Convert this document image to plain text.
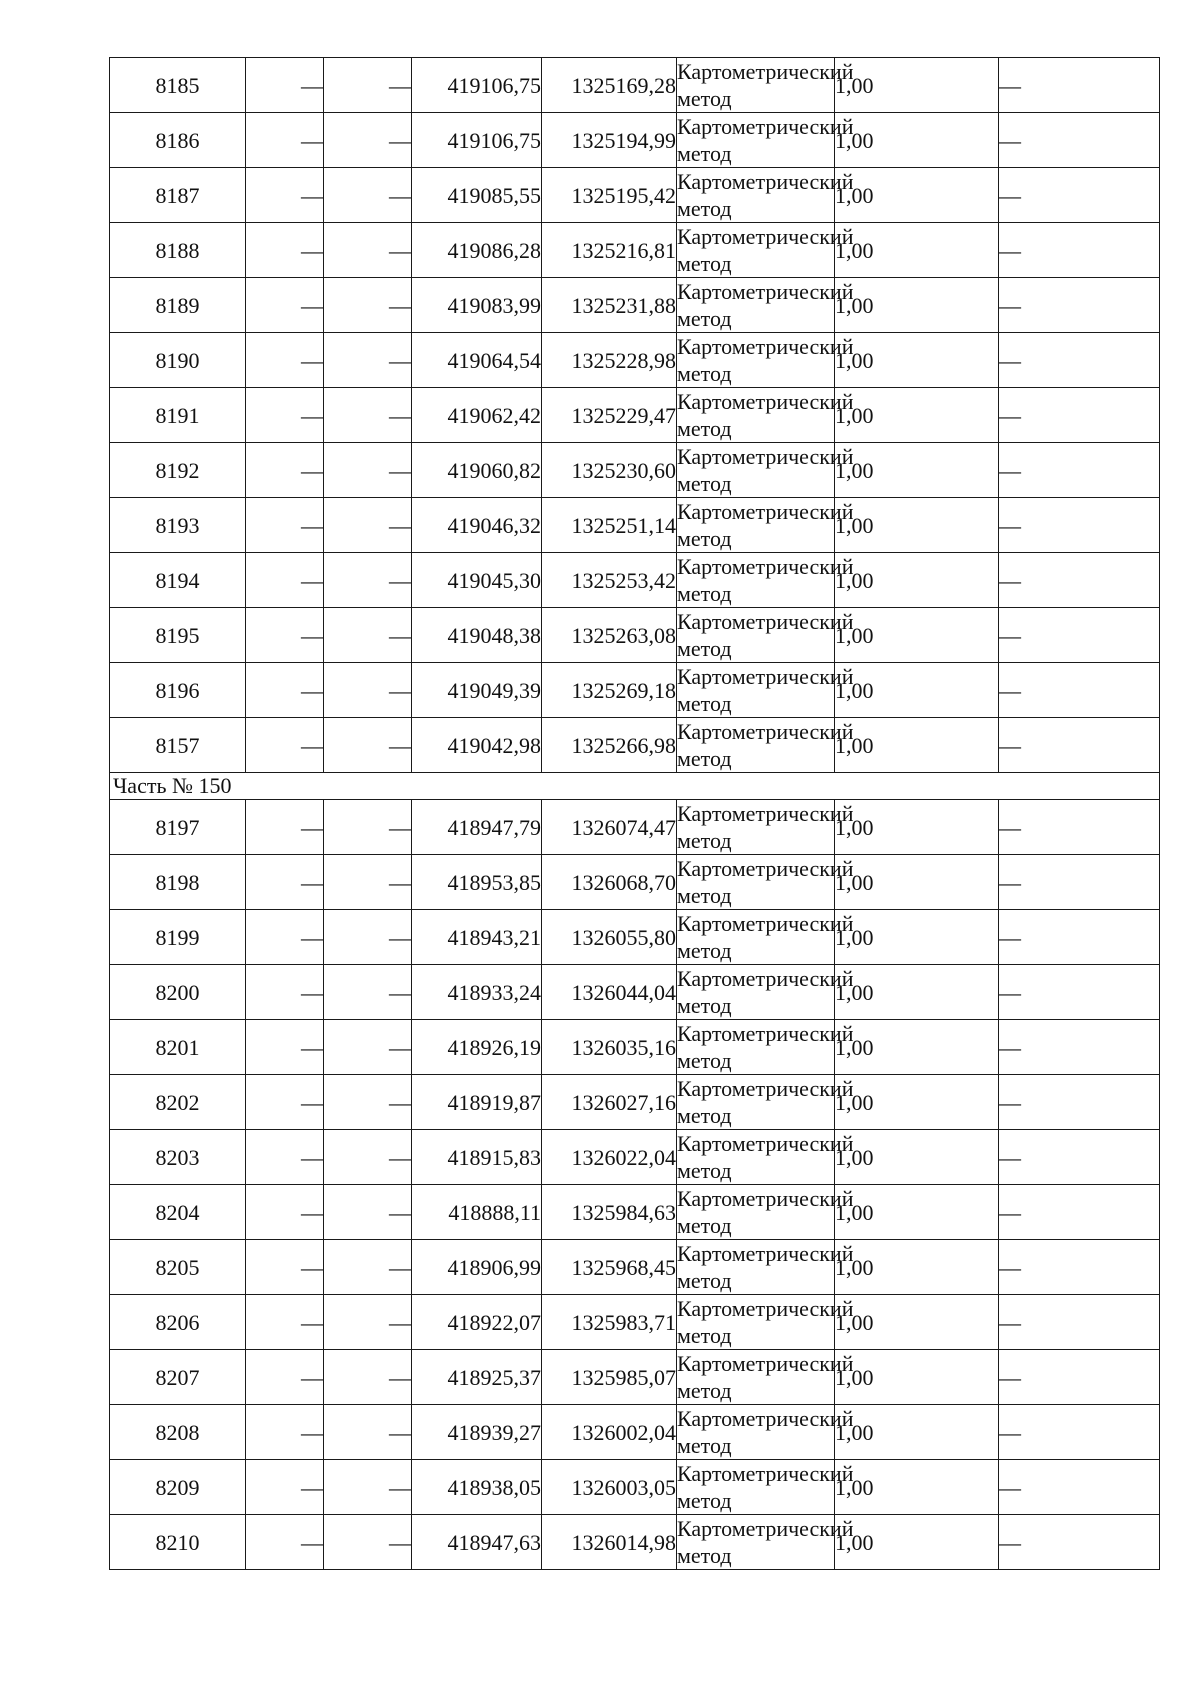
8185	—	—	419106,75	1325169,28	Картометрический метод	1,00	—
8186	—	—	419106,75	1325194,99	Картометрический метод	1,00	—
8187	—	—	419085,55	1325195,42	Картометрический метод	1,00	—
8188	—	—	419086,28	1325216,81	Картометрический метод	1,00	—
8189	—	—	419083,99	1325231,88	Картометрический метод	1,00	—
8190	—	—	419064,54	1325228,98	Картометрический метод	1,00	—
8191	—	—	419062,42	1325229,47	Картометрический метод	1,00	—
8192	—	—	419060,82	1325230,60	Картометрический метод	1,00	—
8193	—	—	419046,32	1325251,14	Картометрический метод	1,00	—
8194	—	—	419045,30	1325253,42	Картометрический метод	1,00	—
8195	—	—	419048,38	1325263,08	Картометрический метод	1,00	—
8196	—	—	419049,39	1325269,18	Картометрический метод	1,00	—
8157	—	—	419042,98	1325266,98	Картометрический метод	1,00	—
Часть № 150							
8197	—	—	418947,79	1326074,47	Картометрический метод	1,00	—
8198	—	—	418953,85	1326068,70	Картометрический метод	1,00	—
8199	—	—	418943,21	1326055,80	Картометрический метод	1,00	—
8200	—	—	418933,24	1326044,04	Картометрический метод	1,00	—
8201	—	—	418926,19	1326035,16	Картометрический метод	1,00	—
8202	—	—	418919,87	1326027,16	Картометрический метод	1,00	—
8203	—	—	418915,83	1326022,04	Картометрический метод	1,00	—
8204	—	—	418888,11	1325984,63	Картометрический метод	1,00	—
8205	—	—	418906,99	1325968,45	Картометрический метод	1,00	—
8206	—	—	418922,07	1325983,71	Картометрический метод	1,00	—
8207	—	—	418925,37	1325985,07	Картометрический метод	1,00	—
8208	—	—	418939,27	1326002,04	Картометрический метод	1,00	—
8209	—	—	418938,05	1326003,05	Картометрический метод	1,00	—
8210	—	—	418947,63	1326014,98	Картометрический метод	1,00	—
